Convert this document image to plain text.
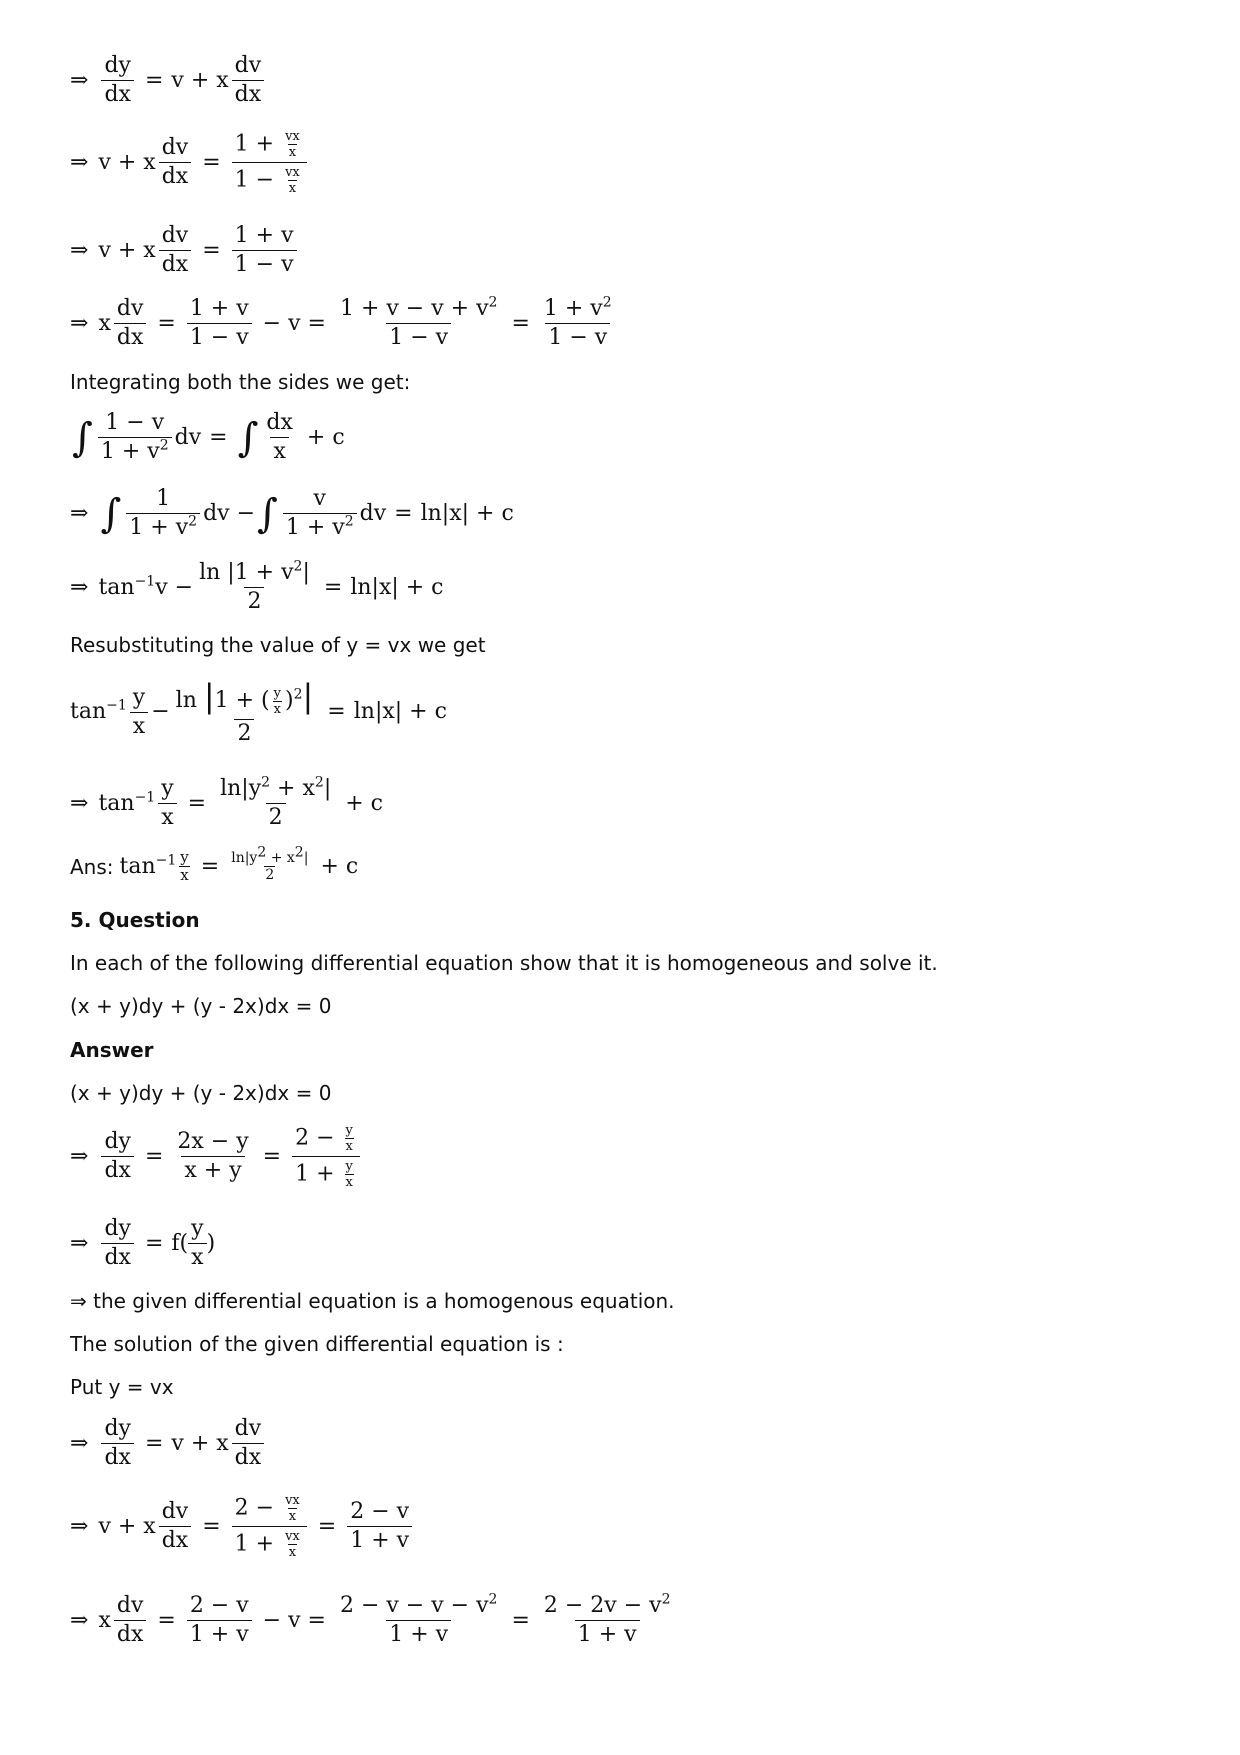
⇒ $\frac{dy}{dx} = v + x \frac{dv}{dx}$
⇒ v + x $\frac{dv}{dx} = \frac{1 + \frac{vx}{x}}{1 - \frac{vx}{x}}$
⇒ v + x $\frac{dv}{dx} = \frac{1 + v}{1 - v}$
⇒ x $\frac{dv}{dx} = \frac{1 + v}{1 - v} - v = \frac{1 + v - v + v^2}{1 - v} = \frac{1 + v^2}{1 - v}$
Integrating both the sides we get:
∫ $\frac{1 - v}{1 + v^2}$ dv = ∫ $\frac{dx}{x} + c$
⇒ ∫ $\frac{1}{1 + v^2}$ dv − ∫ $\frac{v}{1 + v^2}$ dv = ln|x| + c
⇒ $\tan^{-1}v - \frac{\ln |1 + v^2|}{2} = \ln|x| + c$
Resubstituting the value of y = vx we get
$\tan^{-1} \frac{y}{x} - \frac{\ln |1 + ( \frac{y}{x} )^2|}{2} = \ln|x| + c$
⇒ $\tan^{-1} \frac{y}{x} = \frac{\ln|y^2 + x^2|}{2} + c$
Ans: $\tan^{-1} \frac{y}{x} = \frac{\ln|y^2 + x^2|}{2} + c$
5. Question
In each of the following differential equation show that it is homogeneous and solve it.
(x + y)dy + (y - 2x)dx = 0
Answer
(x + y)dy + (y - 2x)dx = 0
⇒ $\frac{dy}{dx} = \frac{2x - y}{x + y} = \frac{2 - \frac{y}{x}}{1 + \frac{y}{x}}$
⇒ $\frac{dy}{dx} = f( \frac{y}{x}$ )
⇒ the given differential equation is a homogenous equation.
The solution of the given differential equation is :
Put y = vx
⇒ $\frac{dy}{dx} = v + x \frac{dv}{dx}$
⇒ v + x $\frac{dv}{dx} = \frac{2 - \frac{vx}{x}}{1 + \frac{vx}{x}} = \frac{2 - v}{1 + v}$
⇒ x $\frac{dv}{dx} = \frac{2 - v}{1 + v} - v = \frac{2 - v - v - v^2}{1 + v} = \frac{2 - 2v - v^2}{1 + v}$
